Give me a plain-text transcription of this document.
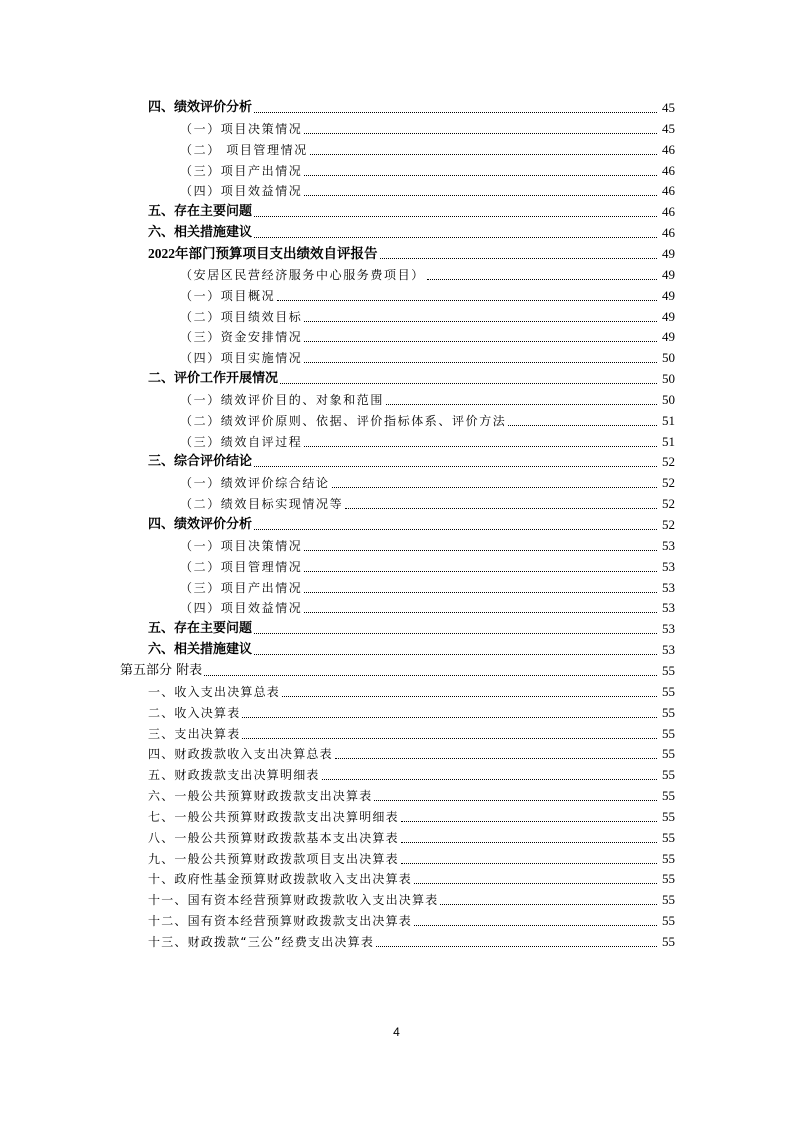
四、绩效评价分析	45
（一）项目决策情况	45
（二） 项目管理情况	46
（三）项目产出情况	46
（四）项目效益情况	46
五、存在主要问题	46
六、相关措施建议	46
2022年部门预算项目支出绩效自评报告	49
（安居区民营经济服务中心服务费项目）	49
（一）项目概况	49
（二）项目绩效目标	49
（三）资金安排情况	49
（四）项目实施情况	50
二、评价工作开展情况	50
（一）绩效评价目的、对象和范围	50
（二）绩效评价原则、依据、评价指标体系、评价方法	51
（三）绩效自评过程	51
三、综合评价结论	52
（一）绩效评价综合结论	52
（二）绩效目标实现情况等	52
四、绩效评价分析	52
（一）项目决策情况	53
（二）项目管理情况	53
（三）项目产出情况	53
（四）项目效益情况	53
五、存在主要问题	53
六、相关措施建议	53
第五部分 附表	55
一、收入支出决算总表	55
二、收入决算表	55
三、支出决算表	55
四、财政拨款收入支出决算总表	55
五、财政拨款支出决算明细表	55
六、一般公共预算财政拨款支出决算表	55
七、一般公共预算财政拨款支出决算明细表	55
八、一般公共预算财政拨款基本支出决算表	55
九、一般公共预算财政拨款项目支出决算表	55
十、政府性基金预算财政拨款收入支出决算表	55
十一、国有资本经营预算财政拨款收入支出决算表	55
十二、国有资本经营预算财政拨款支出决算表	55
十三、财政拨款“三公”经费支出决算表	55
4
